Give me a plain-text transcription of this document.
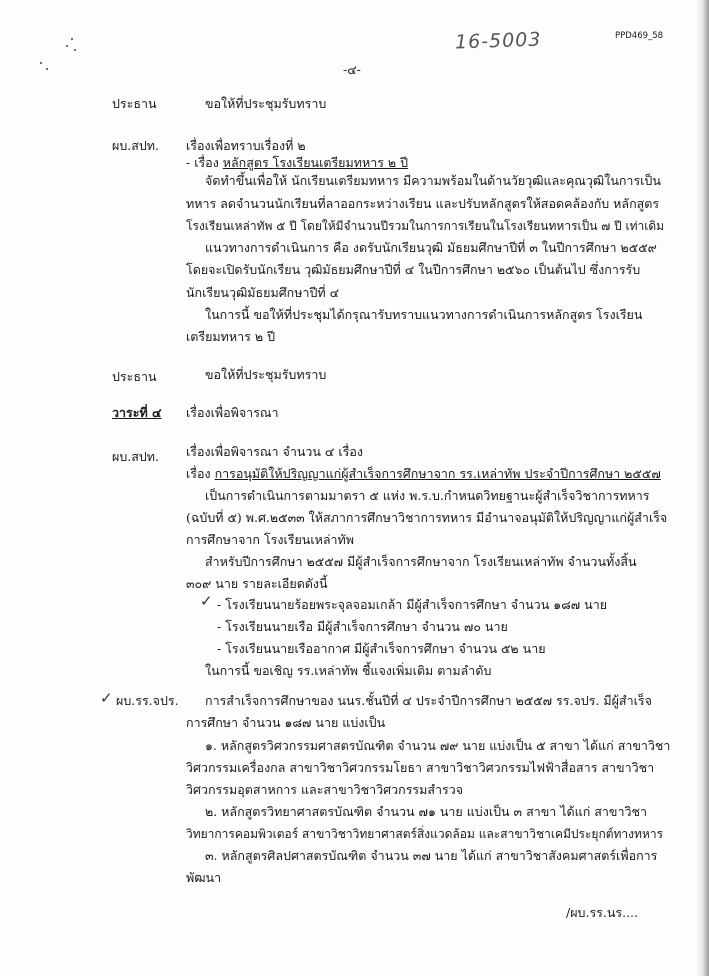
16-5003	PPD469_58
-๔-
ประธาน	ขอให้ที่ประชุมรับทราบ
ผบ.สปท. เรื่องเพื่อทราบเรื่องที่ ๒
- เรื่อง หลักสูตร โรงเรียนเตรียมทหาร ๒ ปี
จัดทำขึ้นเพื่อให้ นักเรียนเตรียมทหาร มีความพร้อมในด้านวัยวุฒิและคุณวุฒิในการเป็น
ทหาร ลดจำนวนนักเรียนที่ลาออกระหว่างเรียน และปรับหลักสูตรให้สอดคล้องกับ หลักสูตร
โรงเรียนเหล่าทัพ ๕ ปี โดยให้มีจำนวนปีรวมในการการเรียนในโรงเรียนทหารเป็น ๗ ปี เท่าเดิม
แนวทางการดำเนินการ คือ งดรับนักเรียนวุฒิ มัธยมศึกษาปีที่ ๓ ในปีการศึกษา ๒๕๕๙
โดยจะเปิดรับนักเรียน วุฒิมัธยมศึกษาปีที่ ๔ ในปีการศึกษา ๒๕๖๐ เป็นต้นไป ซึ่งการรับ
นักเรียนวุฒิมัธยมศึกษาปีที่ ๔
ในการนี้ ขอให้ที่ประชุมได้กรุณารับทราบแนวทางการดำเนินการหลักสูตร โรงเรียน
เตรียมทหาร ๒ ปี
ประธาน	ขอให้ที่ประชุมรับทราบ
วาระที่ ๔ เรื่องเพื่อพิจารณา
ผบ.สปท. เรื่องเพื่อพิจารณา จำนวน ๔ เรื่อง
เรื่อง การอนุมัติให้ปริญญาแก่ผู้สำเร็จการศึกษาจาก รร.เหล่าทัพ ประจำปีการศึกษา ๒๕๕๗
เป็นการดำเนินการตามมาตรา ๕ แห่ง พ.ร.บ.กำหนดวิทยฐานะผู้สำเร็จวิชาการทหาร
(ฉบับที่ ๕) พ.ศ.๒๕๓๓ ให้สภาการศึกษาวิชาการทหาร มีอำนาจอนุมัติให้ปริญญาแก่ผู้สำเร็จ
การศึกษาจาก โรงเรียนเหล่าทัพ
สำหรับปีการศึกษา ๒๕๕๗ มีผู้สำเร็จการศึกษาจาก โรงเรียนเหล่าทัพ จำนวนทั้งสิ้น
๓๐๙ นาย รายละเอียดดังนี้
✓ - โรงเรียนนายร้อยพระจุลจอมเกล้า มีผู้สำเร็จการศึกษา จำนวน ๑๘๗ นาย
- โรงเรียนนายเรือ มีผู้สำเร็จการศึกษา จำนวน ๗๐ นาย
- โรงเรียนนายเรืออากาศ มีผู้สำเร็จการศึกษา จำนวน ๕๒ นาย
ในการนี้ ขอเชิญ รร.เหล่าทัพ ชี้แจงเพิ่มเติม ตามลำดับ
✓ ผบ.รร.จปร. การสำเร็จการศึกษาของ นนร.ชั้นปีที่ ๔ ประจำปีการศึกษา ๒๕๕๗ รร.จปร. มีผู้สำเร็จ
การศึกษา จำนวน ๑๘๗ นาย แบ่งเป็น
๑. หลักสูตรวิศวกรรมศาสตรบัณฑิต จำนวน ๗๙ นาย แบ่งเป็น ๕ สาขา ได้แก่ สาขาวิชา
วิศวกรรมเครื่องกล สาขาวิชาวิศวกรรมโยธา สาขาวิชาวิศวกรรมไฟฟ้าสื่อสาร สาขาวิชา
วิศวกรรมอุตสาหการ และสาขาวิชาวิศวกรรมสำรวจ
๒. หลักสูตรวิทยาศาสตรบัณฑิต จำนวน ๗๑ นาย แบ่งเป็น ๓ สาขา ได้แก่ สาขาวิชา
วิทยาการคอมพิวเตอร์ สาขาวิชาวิทยาศาสตร์สิ่งแวดล้อม และสาขาวิชาเคมีประยุกต์ทางทหาร
๓. หลักสูตรศิลปศาสตรบัณฑิต จำนวน ๓๗ นาย ได้แก่ สาขาวิชาสังคมศาสตร์เพื่อการ
พัฒนา
/ผบ.รร.นร....
